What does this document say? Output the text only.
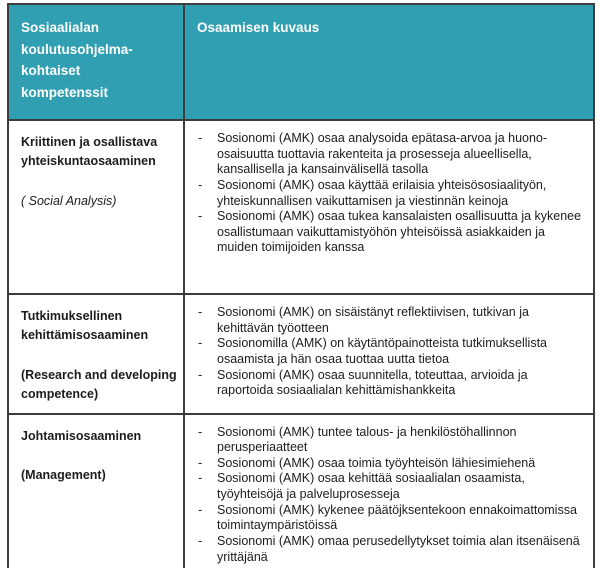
Sosiaalialan koulutusohjelma-kohtaiset kompetenssit	Osaamisen kuvaus

Kriittinen ja osallistava yhteiskuntaosaaminen
( Social Analysis)

-	Sosionomi (AMK) osaa analysoida epätasa-arvoa ja huono-osaisuutta tuottavia rakenteita ja prosesseja alueellisella, kansallisella ja kansainvälisellä tasolla
-	Sosionomi (AMK) osaa käyttää erilaisia yhteisösosiaalityön, yhteiskunnallisen vaikuttamisen ja viestinnän keinoja
-	Sosionomi (AMK) osaa tukea kansalaisten osallisuutta ja kykenee osallistumaan vaikuttamistyöhön yhteisöissä asiakkaiden ja muiden toimijoiden kanssa

Tutkimuksellinen kehittämisosaaminen
(Research and developing competence)

-	Sosionomi (AMK) on sisäistänyt reflektiivisen, tutkivan ja kehittävän työotteen
-	Sosionomilla (AMK) on käytäntöpainotteista tutkimuksellista osaamista ja hän osaa tuottaa uutta tietoa
-	Sosionomi (AMK) osaa suunnitella, toteuttaa, arvioida ja raportoida sosiaalialan kehittämishankkeita

Johtamisosaaminen
(Management)

-	Sosionomi (AMK) tuntee talous- ja henkilöstöhallinnon perusperiaatteet
-	Sosionomi (AMK) osaa toimia työyhteisön lähiesimiehenä
-	Sosionomi (AMK) osaa kehittää sosiaalialan osaamista, työyhteisöjä ja palveluprosesseja
-	Sosionomi (AMK) kykenee päätöjksentekoon ennakoimattomissa toimintaympäristöissä
-	Sosionomi (AMK) omaa perusedellytykset toimia alan itsenäisenä yrittäjänä
